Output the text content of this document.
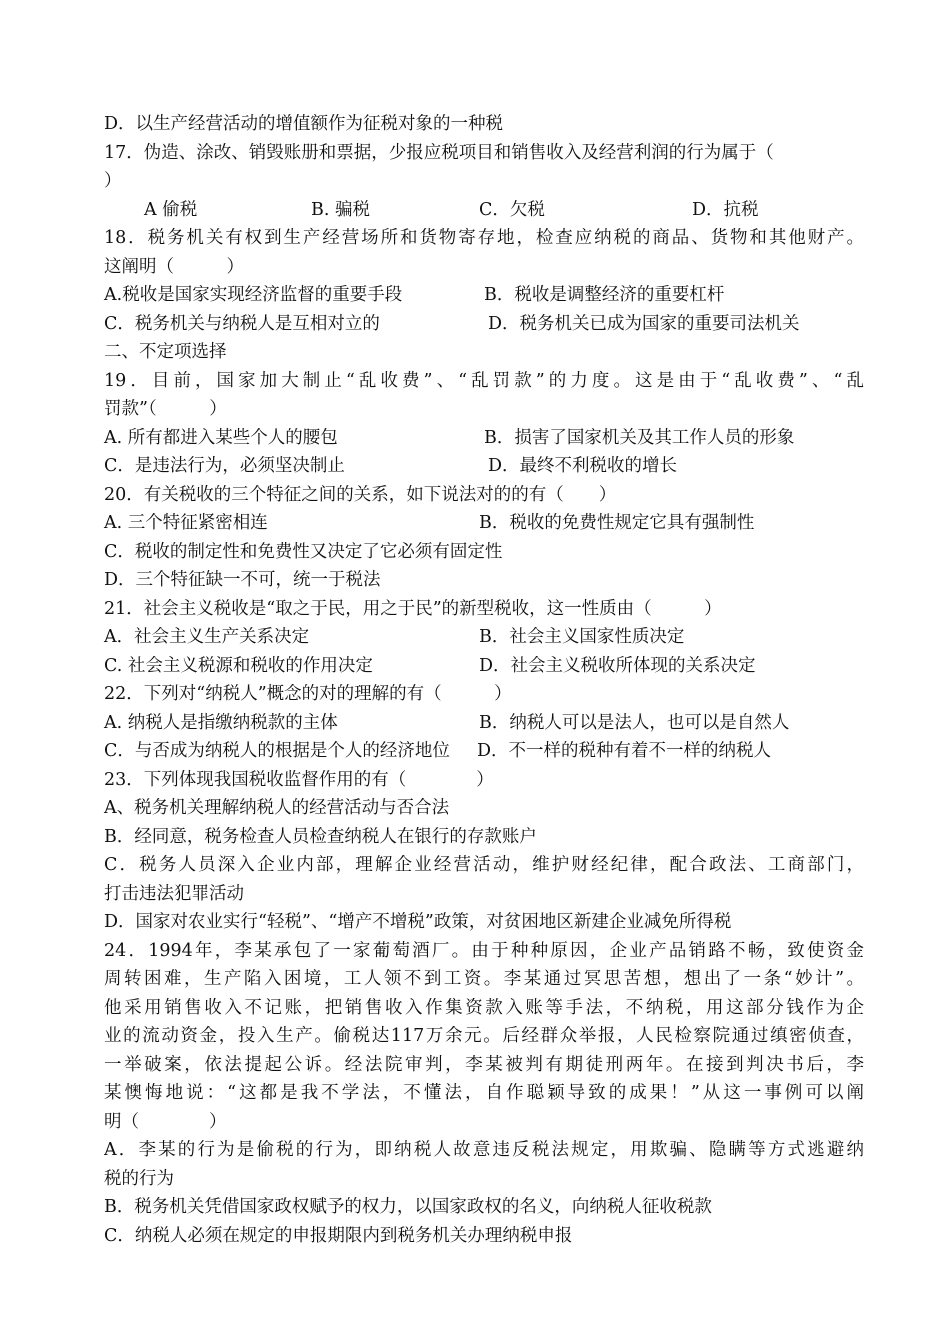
D．以生产经营活动的增值额作为征税对象的一种税
17．伪造、涂改、销毁账册和票据，少报应税项目和销售收入及经营利润的行为属于（
）
A 偷税	B. 骗税	C．欠税	D．抗税
18．税务机关有权到生产经营场所和货物寄存地，检查应纳税的商品、货物和其他财产。
这阐明（　　　）
A.税收是国家实现经济监督的重要手段	B．税收是调整经济的重要杠杆
C．税务机关与纳税人是互相对立的	D．税务机关已成为国家的重要司法机关
二、不定项选择
19．目前，国家加大制止“乱收费”、“乱罚款”的力度。这是由于“乱收费”、“乱
罚款”（　　　）
A. 所有都进入某些个人的腰包	B．损害了国家机关及其工作人员的形象
C．是违法行为，必须坚决制止	D．最终不利税收的增长
20．有关税收的三个特征之间的关系，如下说法对的的有（　　）
A. 三个特征紧密相连	B．税收的免费性规定它具有强制性
C．税收的制定性和免费性又决定了它必须有固定性
D．三个特征缺一不可，统一于税法
21．社会主义税收是“取之于民，用之于民”的新型税收，这一性质由（　　　）
A．社会主义生产关系决定	B．社会主义国家性质决定
C. 社会主义税源和税收的作用决定	D．社会主义税收所体现的关系决定
22．下列对“纳税人”概念的对的理解的有（　　　）
A. 纳税人是指缴纳税款的主体	B．纳税人可以是法人，也可以是自然人
C．与否成为纳税人的根据是个人的经济地位 D．不一样的税种有着不一样的纳税人
23．下列体现我国税收监督作用的有（　　　　）
A、税务机关理解纳税人的经营活动与否合法
B．经同意，税务检查人员检查纳税人在银行的存款账户
C．税务人员深入企业内部，理解企业经营活动，维护财经纪律，配合政法、工商部门，
打击违法犯罪活动
D．国家对农业实行“轻税”、“增产不增税”政策，对贫困地区新建企业减免所得税
24．1994年，李某承包了一家葡萄酒厂。由于种种原因，企业产品销路不畅，致使资金
周转困难，生产陷入困境，工人领不到工资。李某通过冥思苦想，想出了一条“妙计”。
他采用销售收入不记账，把销售收入作集资款入账等手法，不纳税，用这部分钱作为企
业的流动资金，投入生产。偷税达117万余元。后经群众举报，人民检察院通过缜密侦查，
一举破案，依法提起公诉。经法院审判，李某被判有期徒刑两年。在接到判决书后，李
某懊悔地说：“这都是我不学法，不懂法，自作聪颖导致的成果！”从这一事例可以阐
明（　　　　）
A．李某的行为是偷税的行为，即纳税人故意违反税法规定，用欺骗、隐瞒等方式逃避纳
税的行为
B．税务机关凭借国家政权赋予的权力，以国家政权的名义，向纳税人征收税款
C．纳税人必须在规定的申报期限内到税务机关办理纳税申报
